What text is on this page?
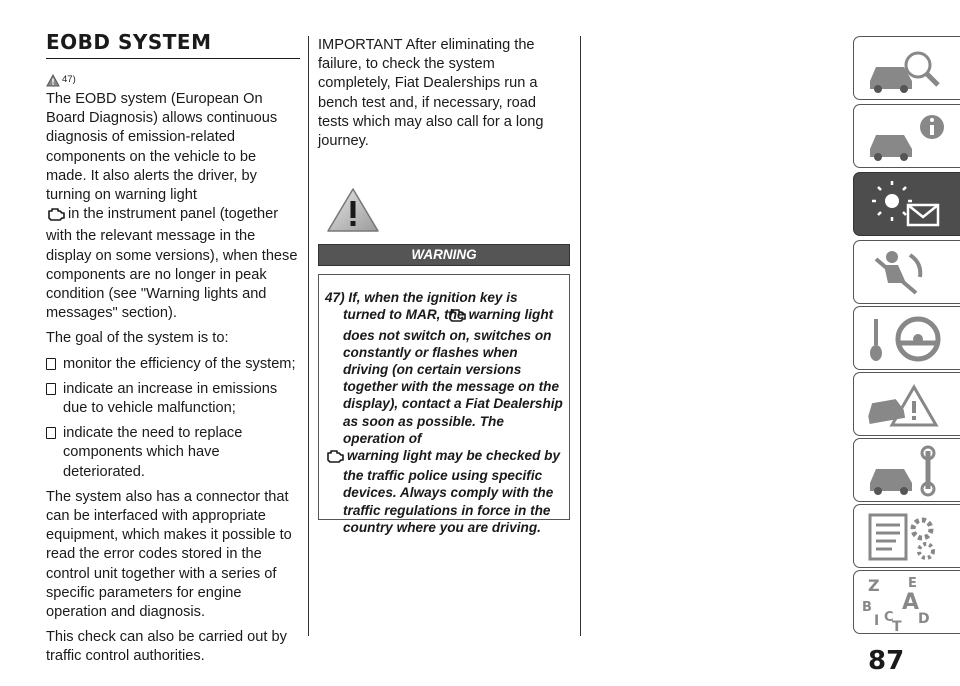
EOBD SYSTEM
47)

The EOBD system (European On Board Diagnosis) allows continuous diagnosis of emission-related components on the vehicle to be made. It also alerts the driver, by turning on warning light
in the instrument panel (together with the relevant message in the display on some versions), when these components are no longer in peak condition (see "Warning lights and messages" section).

The goal of the system is to:

monitor the efficiency of the system;
indicate an increase in emissions due to vehicle malfunction;
indicate the need to replace components which have deteriorated.

The system also has a connector that can be interfaced with appropriate equipment, which makes it possible to read the error codes stored in the control unit together with a series of specific parameters for engine operation and diagnosis.

This check can also be carried out by traffic control authorities.

IMPORTANT After eliminating the failure, to check the system completely, Fiat Dealerships run a bench test and, if necessary, road tests which may also call for a long journey.

WARNING
47) If, when the ignition key is turned to MAR, the warning light does not switch on, switches on constantly or flashes when driving (on certain versions together with the message on the display), contact a Fiat Dealership as soon as possible. The operation of
warning light may be checked by the traffic police using specific devices. Always comply with the traffic regulations in force in the country where you are driving.
Z E
B A
I C D
T
87
